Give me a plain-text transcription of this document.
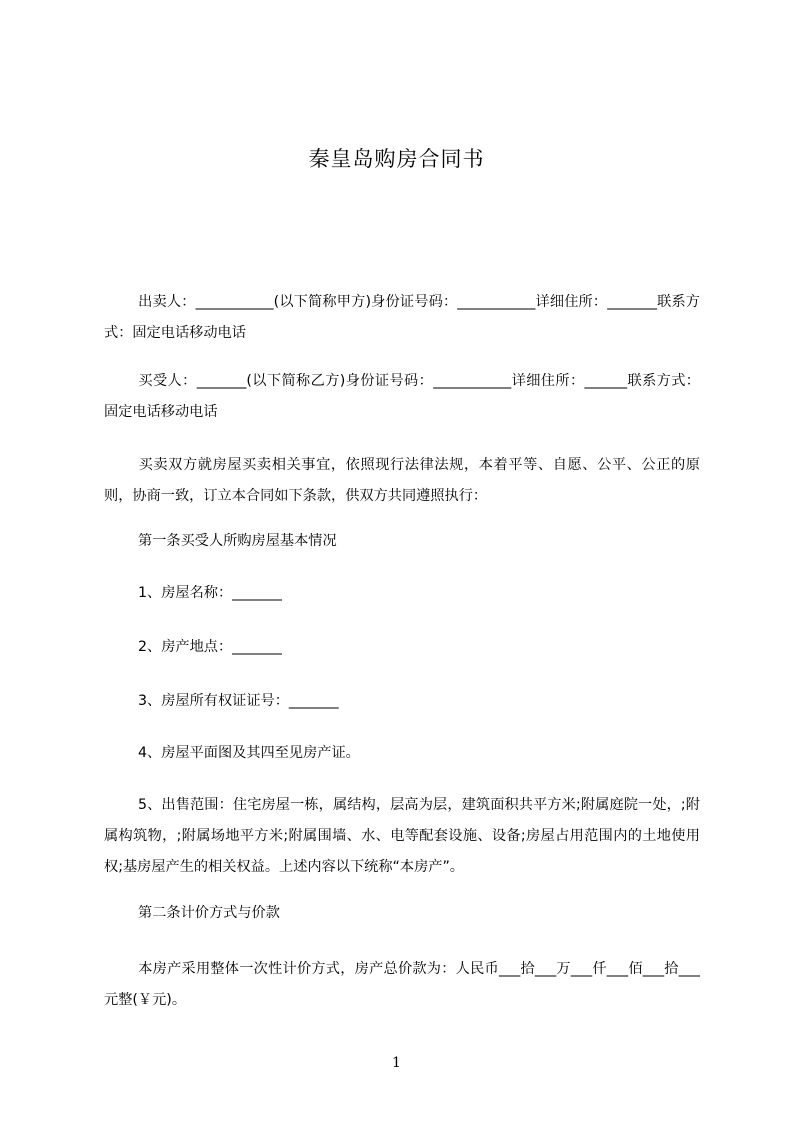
秦皇岛购房合同书
出卖人：___________(以下简称甲方)身份证号码：___________详细住所：_______联系方式：固定电话移动电话
买受人：_______(以下简称乙方)身份证号码：___________详细住所：______联系方式：固定电话移动电话
买卖双方就房屋买卖相关事宜，依照现行法律法规，本着平等、自愿、公平、公正的原则，协商一致，订立本合同如下条款，供双方共同遵照执行：
第一条买受人所购房屋基本情况
1、房屋名称：_______
2、房产地点：_______
3、房屋所有权证证号：_______
4、房屋平面图及其四至见房产证。
5、出售范围：住宅房屋一栋，属结构，层高为层，建筑面积共平方米;附属庭院一处，;附属构筑物，;附属场地平方米;附属围墙、水、电等配套设施、设备;房屋占用范围内的土地使用权;基房屋产生的相关权益。上述内容以下统称“本房产”。
第二条计价方式与价款
本房产采用整体一次性计价方式，房产总价款为：人民币___拾___万___仟___佰___拾___元整(￥元)。
1
